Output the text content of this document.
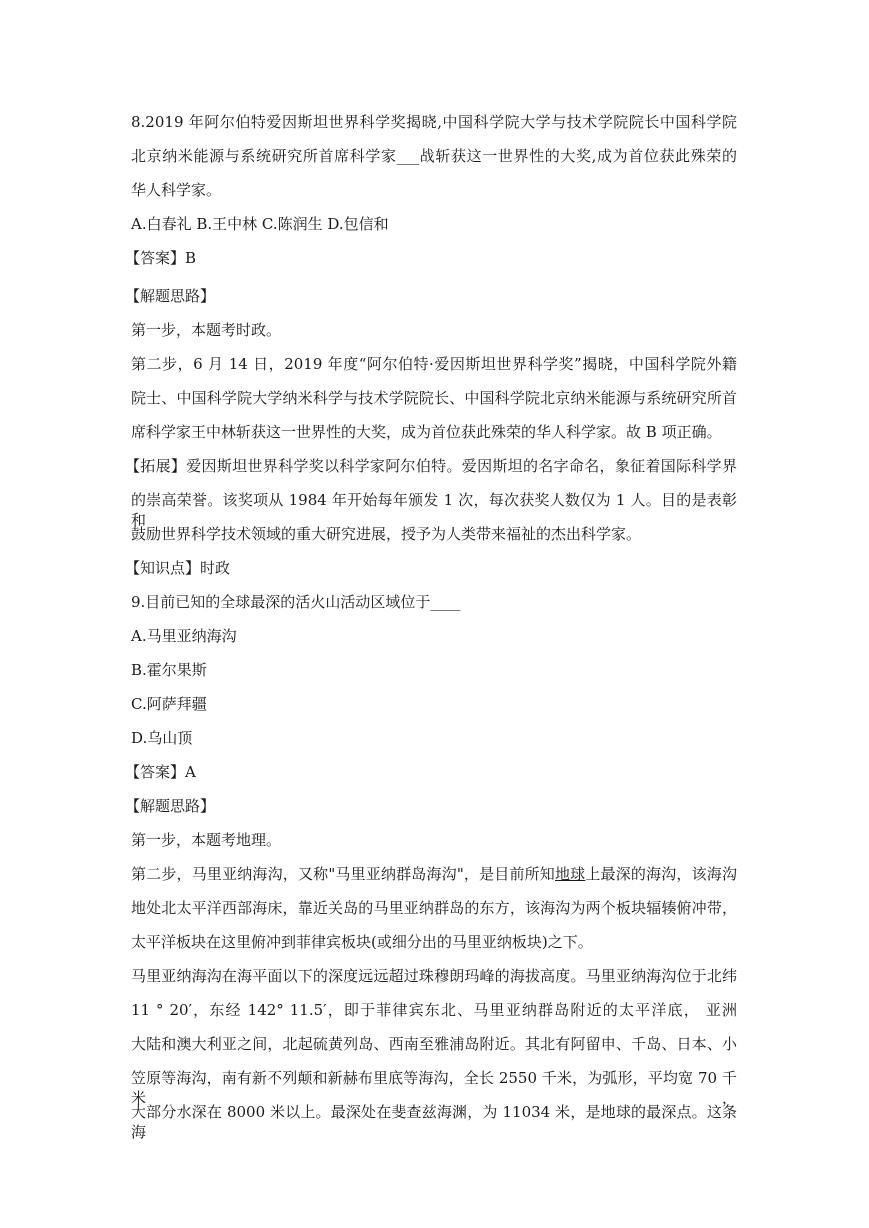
8.2019 年阿尔伯特爱因斯坦世界科学奖揭晓,中国科学院大学与技术学院院长中国科学院
北京纳米能源与系统研究所首席科学家___战斩获这一世界性的大奖,成为首位获此殊荣的
华人科学家。
A.白春礼 B.王中林 C.陈润生 D.包信和
【答案】B
【解题思路】
第一步，本题考时政。
第二步，6 月 14 日，2019 年度“阿尔伯特·爱因斯坦世界科学奖”揭晓，中国科学院外籍
院士、中国科学院大学纳米科学与技术学院院长、中国科学院北京纳米能源与系统研究所首
席科学家王中林斩获这一世界性的大奖，成为首位获此殊荣的华人科学家。故 B 项正确。
【拓展】爱因斯坦世界科学奖以科学家阿尔伯特。爱因斯坦的名字命名，象征着国际科学界
的崇高荣誉。该奖项从 1984 年开始每年颁发 1 次，每次获奖人数仅为 1 人。目的是表彰和
鼓励世界科学技术领域的重大研究进展，授予为人类带来福祉的杰出科学家。
【知识点】时政
9.目前已知的全球最深的活火山活动区域位于____
A.马里亚纳海沟
B.霍尔果斯
C.阿萨拜疆
D.乌山顶
【答案】A
【解题思路】
第一步，本题考地理。
第二步，马里亚纳海沟，又称"马里亚纳群岛海沟"，是目前所知地球上最深的海沟，该海沟
地处北太平洋西部海床，靠近关岛的马里亚纳群岛的东方，该海沟为两个板块辐辏俯冲带，
太平洋板块在这里俯冲到菲律宾板块(或细分出的马里亚纳板块)之下。
马里亚纳海沟在海平面以下的深度远远超过珠穆朗玛峰的海拔高度。马里亚纳海沟位于北纬
11 ° 20′，东经 142° 11.5′，即于菲律宾东北、马里亚纳群岛附近的太平洋底， 亚洲
大陆和澳大利亚之间，北起硫黄列岛、西南至雅浦岛附近。其北有阿留申、千岛、日本、小
笠原等海沟，南有新不列颠和新赫布里底等海沟，全长 2550 千米，为弧形，平均宽 70 千米，
大部分水深在 8000 米以上。最深处在斐查兹海渊，为 11034 米，是地球的最深点。这条海
